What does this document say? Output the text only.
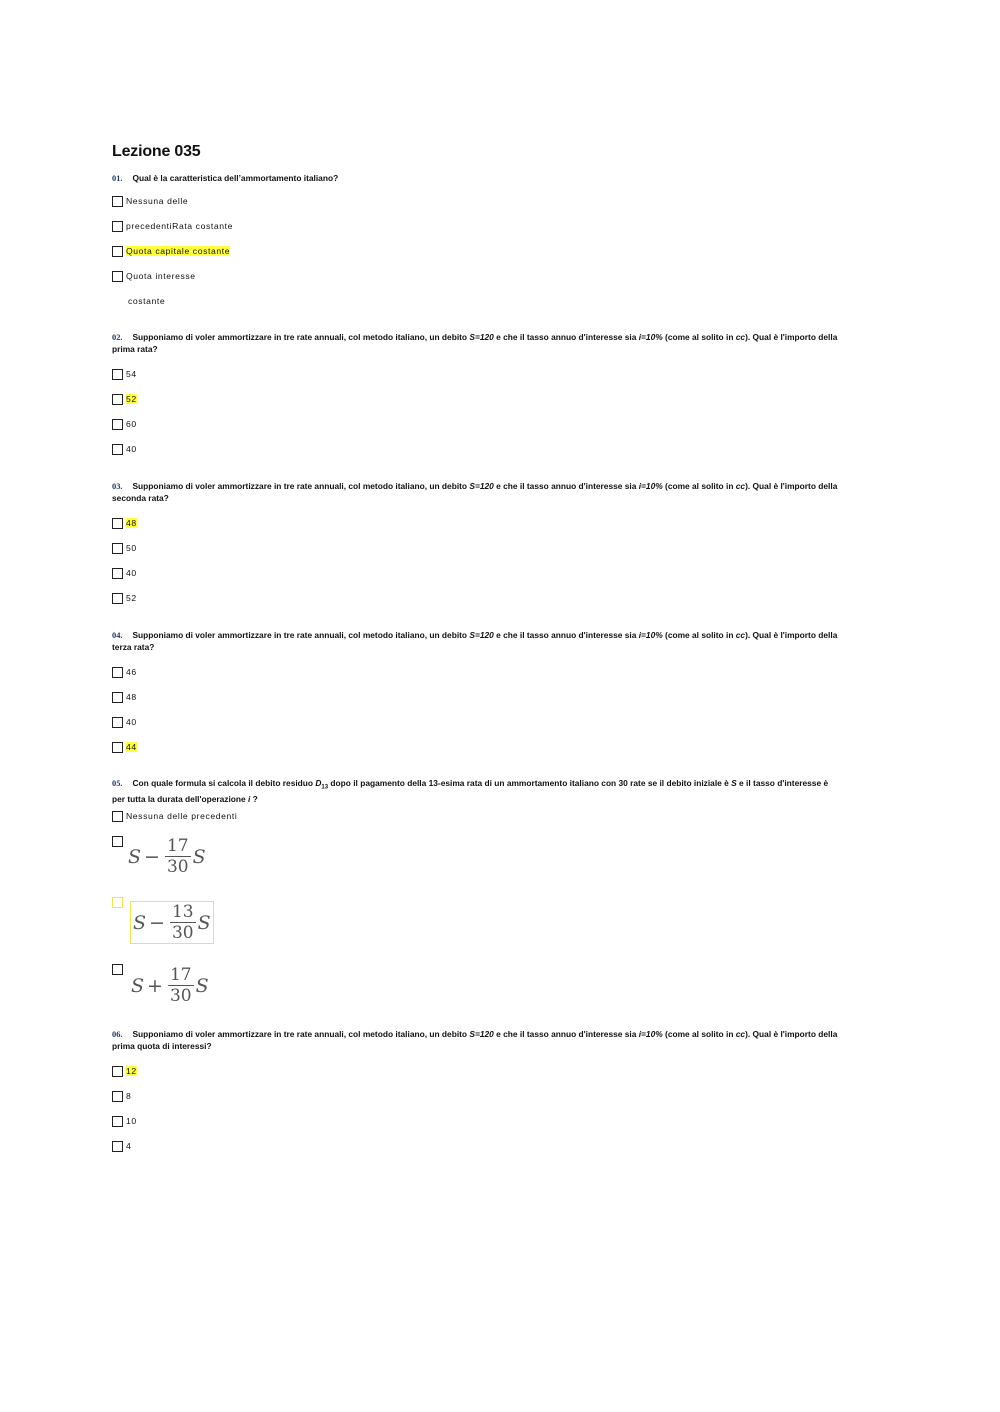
Lezione 035
01. Qual è la caratteristica dell’ammortamento italiano?
Nessuna delle
precedentiRata costante
Quota capitale costante
Quota interesse
costante
02. Supponiamo di voler ammortizzare in tre rate annuali, col metodo italiano, un debito S=120 e che il tasso annuo d'interesse sia i=10% (come al solito in cc). Qual è l'importo della prima rata?
54
52
60
40
03. Supponiamo di voler ammortizzare in tre rate annuali, col metodo italiano, un debito S=120 e che il tasso annuo d'interesse sia i=10% (come al solito in cc). Qual è l'importo della seconda rata?
48
50
40
52
04. Supponiamo di voler ammortizzare in tre rate annuali, col metodo italiano, un debito S=120 e che il tasso annuo d'interesse sia i=10% (come al solito in cc). Qual è l'importo della terza rata?
46
48
40
44
05. Con quale formula si calcola il debito residuo $D_{13}$ dopo il pagamento della 13-esima rata di un ammortamento italiano con 30 rate se il debito iniziale è S e il tasso d'interesse è per tutta la durata dell'operazione i ?
Nessuna delle precedenti
$S - \frac{17}{30}$ S
$S - \frac{13}{30}$ S
$S + \frac{17}{30}$ S
06. Supponiamo di voler ammortizzare in tre rate annuali, col metodo italiano, un debito S=120 e che il tasso annuo d'interesse sia i=10% (come al solito in cc). Qual è l'importo della prima quota di interessi?
12
8
10
4
